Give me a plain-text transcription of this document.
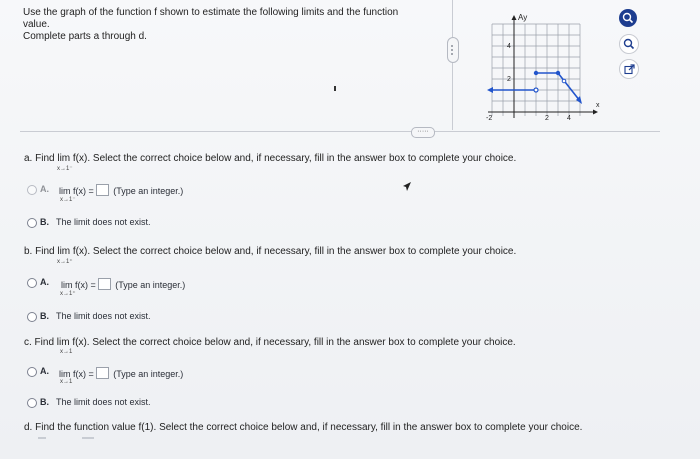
Use the graph of the function f shown to estimate the following limits and the function value.
Complete parts a through d.
Ay
x
4
2
-2	2	4
·····
a. Find lim f(x). Select the correct choice below and, if necessary, fill in the answer box to complete your choice.
x→1⁻
A. lim f(x) = (Type an integer.)
x→1⁻
B. The limit does not exist.
b. Find lim f(x). Select the correct choice below and, if necessary, fill in the answer box to complete your choice.
x→1⁺
A. lim f(x) = (Type an integer.)
x→1⁺
B. The limit does not exist.
c. Find lim f(x). Select the correct choice below and, if necessary, fill in the answer box to complete your choice.
x→1
A. lim f(x) = (Type an integer.)
x→1
B. The limit does not exist.
d. Find the function value f(1). Select the correct choice below and, if necessary, fill in the answer box to complete your choice.
